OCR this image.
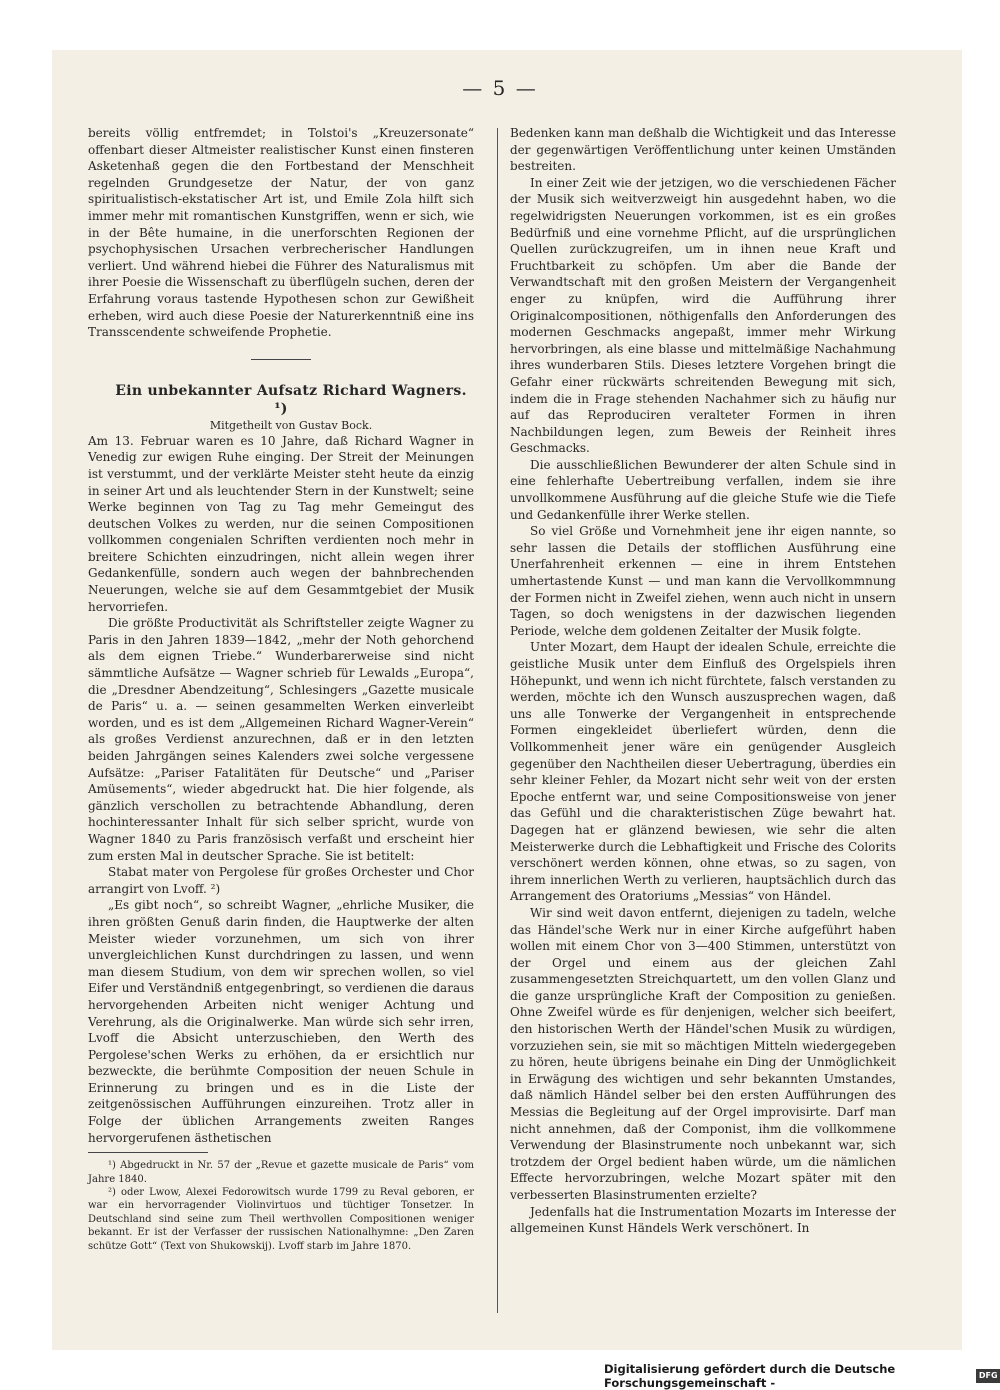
— 5 —

bereits völlig entfremdet; in Tolstoi's „Kreuzersonate“ offenbart dieser Altmeister realistischer Kunst einen finsteren Asketenhaß gegen die den Fortbestand der Menschheit regelnden Grundgesetze der Natur, der von ganz spiritualistisch-ekstatischer Art ist, und Emile Zola hilft sich immer mehr mit romantischen Kunstgriffen, wenn er sich, wie in der Bête humaine, in die unerforschten Regionen der psychophysischen Ursachen verbrecherischer Handlungen verliert. Und während hiebei die Führer des Naturalismus mit ihrer Poesie die Wissenschaft zu überflügeln suchen, deren der Erfahrung voraus tastende Hypothesen schon zur Gewißheit erheben, wird auch diese Poesie der Naturerkenntniß eine ins Transscendente schweifende Prophetie.

Ein unbekannter Aufsatz Richard Wagners. ¹)

Mitgetheilt von Gustav Bock.

Am 13. Februar waren es 10 Jahre, daß Richard Wagner in Venedig zur ewigen Ruhe einging. Der Streit der Meinungen ist verstummt, und der verklärte Meister steht heute da einzig in seiner Art und als leuchtender Stern in der Kunstwelt; seine Werke beginnen von Tag zu Tag mehr Gemeingut des deutschen Volkes zu werden, nur die seinen Compositionen vollkommen congenialen Schriften verdienten noch mehr in breitere Schichten einzudringen, nicht allein wegen ihrer Gedankenfülle, sondern auch wegen der bahnbrechenden Neuerungen, welche sie auf dem Gesammtgebiet der Musik hervorriefen.

Die größte Productivität als Schriftsteller zeigte Wagner zu Paris in den Jahren 1839—1842, „mehr der Noth gehorchend als dem eignen Triebe.“ Wunderbarerweise sind nicht sämmtliche Aufsätze — Wagner schrieb für Lewalds „Europa“, die „Dresdner Abendzeitung“, Schlesingers „Gazette musicale de Paris“ u. a. — seinen gesammelten Werken einverleibt worden, und es ist dem „Allgemeinen Richard Wagner-Verein“ als großes Verdienst anzurechnen, daß er in den letzten beiden Jahrgängen seines Kalenders zwei solche vergessene Aufsätze: „Pariser Fatalitäten für Deutsche“ und „Pariser Amüsements“, wieder abgedruckt hat. Die hier folgende, als gänzlich verschollen zu betrachtende Abhandlung, deren hochinteressanter Inhalt für sich selber spricht, wurde von Wagner 1840 zu Paris französisch verfaßt und erscheint hier zum ersten Mal in deutscher Sprache. Sie ist betitelt:

Stabat mater von Pergolese für großes Orchester und Chor arrangirt von Lvoff. ²)

„Es gibt noch“, so schreibt Wagner, „ehrliche Musiker, die ihren größten Genuß darin finden, die Hauptwerke der alten Meister wieder vorzunehmen, um sich von ihrer unvergleichlichen Kunst durchdringen zu lassen, und wenn man diesem Studium, von dem wir sprechen wollen, so viel Eifer und Verständniß entgegenbringt, so verdienen die daraus hervorgehenden Arbeiten nicht weniger Achtung und Verehrung, als die Originalwerke. Man würde sich sehr irren, Lvoff die Absicht unterzuschieben, den Werth des Pergolese'schen Werks zu erhöhen, da er ersichtlich nur bezweckte, die berühmte Composition der neuen Schule in Erinnerung zu bringen und es in die Liste der zeitgenössischen Aufführungen einzureihen. Trotz aller in Folge der üblichen Arrangements zweiten Ranges hervorgerufenen ästhetischen

¹) Abgedruckt in Nr. 57 der „Revue et gazette musicale de Paris“ vom Jahre 1840.

²) oder Lwow, Alexei Fedorowitsch wurde 1799 zu Reval geboren, er war ein hervorragender Violinvirtuos und tüchtiger Tonsetzer. In Deutschland sind seine zum Theil werthvollen Compositionen weniger bekannt. Er ist der Verfasser der russischen Nationalhymne: „Den Zaren schütze Gott“ (Text von Shukowskij). Lvoff starb im Jahre 1870.

Bedenken kann man deßhalb die Wichtigkeit und das Interesse der gegenwärtigen Veröffentlichung unter keinen Umständen bestreiten.

In einer Zeit wie der jetzigen, wo die verschiedenen Fächer der Musik sich weitverzweigt hin ausgedehnt haben, wo die regelwidrigsten Neuerungen vorkommen, ist es ein großes Bedürfniß und eine vornehme Pflicht, auf die ursprünglichen Quellen zurückzugreifen, um in ihnen neue Kraft und Fruchtbarkeit zu schöpfen. Um aber die Bande der Verwandtschaft mit den großen Meistern der Vergangenheit enger zu knüpfen, wird die Aufführung ihrer Originalcompositionen, nöthigenfalls den Anforderungen des modernen Geschmacks angepaßt, immer mehr Wirkung hervorbringen, als eine blasse und mittelmäßige Nachahmung ihres wunderbaren Stils. Dieses letztere Vorgehen bringt die Gefahr einer rückwärts schreitenden Bewegung mit sich, indem die in Frage stehenden Nachahmer sich zu häufig nur auf das Reproduciren veralteter Formen in ihren Nachbildungen legen, zum Beweis der Reinheit ihres Geschmacks.

Die ausschließlichen Bewunderer der alten Schule sind in eine fehlerhafte Uebertreibung verfallen, indem sie ihre unvollkommene Ausführung auf die gleiche Stufe wie die Tiefe und Gedankenfülle ihrer Werke stellen.

So viel Größe und Vornehmheit jene ihr eigen nannte, so sehr lassen die Details der stofflichen Ausführung eine Unerfahrenheit erkennen — eine in ihrem Entstehen umhertastende Kunst — und man kann die Vervollkommnung der Formen nicht in Zweifel ziehen, wenn auch nicht in unsern Tagen, so doch wenigstens in der dazwischen liegenden Periode, welche dem goldenen Zeitalter der Musik folgte.

Unter Mozart, dem Haupt der idealen Schule, erreichte die geistliche Musik unter dem Einfluß des Orgelspiels ihren Höhepunkt, und wenn ich nicht fürchtete, falsch verstanden zu werden, möchte ich den Wunsch auszusprechen wagen, daß uns alle Tonwerke der Vergangenheit in entsprechende Formen eingekleidet überliefert würden, denn die Vollkommenheit jener wäre ein genügender Ausgleich gegenüber den Nachtheilen dieser Uebertragung, überdies ein sehr kleiner Fehler, da Mozart nicht sehr weit von der ersten Epoche entfernt war, und seine Compositionsweise von jener das Gefühl und die charakteristischen Züge bewahrt hat. Dagegen hat er glänzend bewiesen, wie sehr die alten Meisterwerke durch die Lebhaftigkeit und Frische des Colorits verschönert werden können, ohne etwas, so zu sagen, von ihrem innerlichen Werth zu verlieren, hauptsächlich durch das Arrangement des Oratoriums „Messias“ von Händel.

Wir sind weit davon entfernt, diejenigen zu tadeln, welche das Händel'sche Werk nur in einer Kirche aufgeführt haben wollen mit einem Chor von 3—400 Stimmen, unterstützt von der Orgel und einem aus der gleichen Zahl zusammengesetzten Streichquartett, um den vollen Glanz und die ganze ursprüngliche Kraft der Composition zu genießen. Ohne Zweifel würde es für denjenigen, welcher sich beeifert, den historischen Werth der Händel'schen Musik zu würdigen, vorzuziehen sein, sie mit so mächtigen Mitteln wiedergegeben zu hören, heute übrigens beinahe ein Ding der Unmöglichkeit in Erwägung des wichtigen und sehr bekannten Umstandes, daß nämlich Händel selber bei den ersten Aufführungen des Messias die Begleitung auf der Orgel improvisirte. Darf man nicht annehmen, daß der Componist, ihm die vollkommene Verwendung der Blasinstrumente noch unbekannt war, sich trotzdem der Orgel bedient haben würde, um die nämlichen Effecte hervorzubringen, welche Mozart später mit den verbesserten Blasinstrumenten erzielte?

Jedenfalls hat die Instrumentation Mozarts im Interesse der allgemeinen Kunst Händels Werk verschönert. In

Digitalisierung gefördert durch die Deutsche Forschungsgemeinschaft -
DFG
